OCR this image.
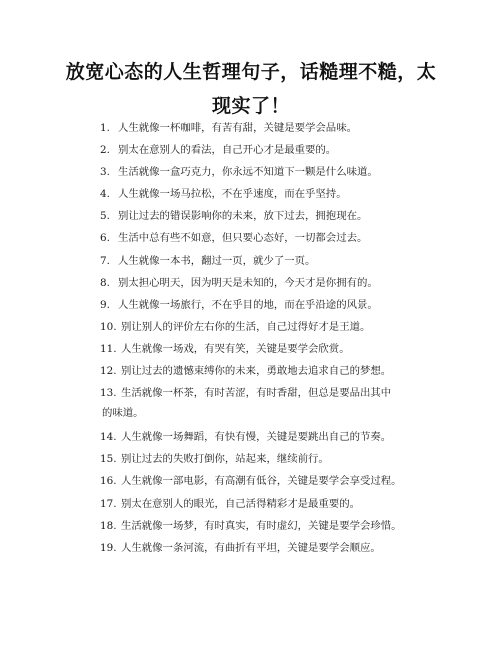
放宽心态的人生哲理句子，话糙理不糙，太
现实了！
1. 人生就像一杯咖啡，有苦有甜，关键是要学会品味。
2. 别太在意别人的看法，自己开心才是最重要的。
3. 生活就像一盒巧克力，你永远不知道下一颗是什么味道。
4. 人生就像一场马拉松，不在乎速度，而在乎坚持。
5. 别让过去的错误影响你的未来，放下过去，拥抱现在。
6. 生活中总有些不如意，但只要心态好，一切都会过去。
7. 人生就像一本书，翻过一页，就少了一页。
8. 别太担心明天，因为明天是未知的，今天才是你拥有的。
9. 人生就像一场旅行，不在乎目的地，而在乎沿途的风景。
10. 别让别人的评价左右你的生活，自己过得好才是王道。
11. 人生就像一场戏，有哭有笑，关键是要学会欣赏。
12. 别让过去的遗憾束缚你的未来，勇敢地去追求自己的梦想。
13. 生活就像一杯茶，有时苦涩，有时香甜，但总是要品出其中
的味道。
14. 人生就像一场舞蹈，有快有慢，关键是要跳出自己的节奏。
15. 别让过去的失败打倒你，站起来，继续前行。
16. 人生就像一部电影，有高潮有低谷，关键是要学会享受过程。
17. 别太在意别人的眼光，自己活得精彩才是最重要的。
18. 生活就像一场梦，有时真实，有时虚幻，关键是要学会珍惜。
19. 人生就像一条河流，有曲折有平坦，关键是要学会顺应。
